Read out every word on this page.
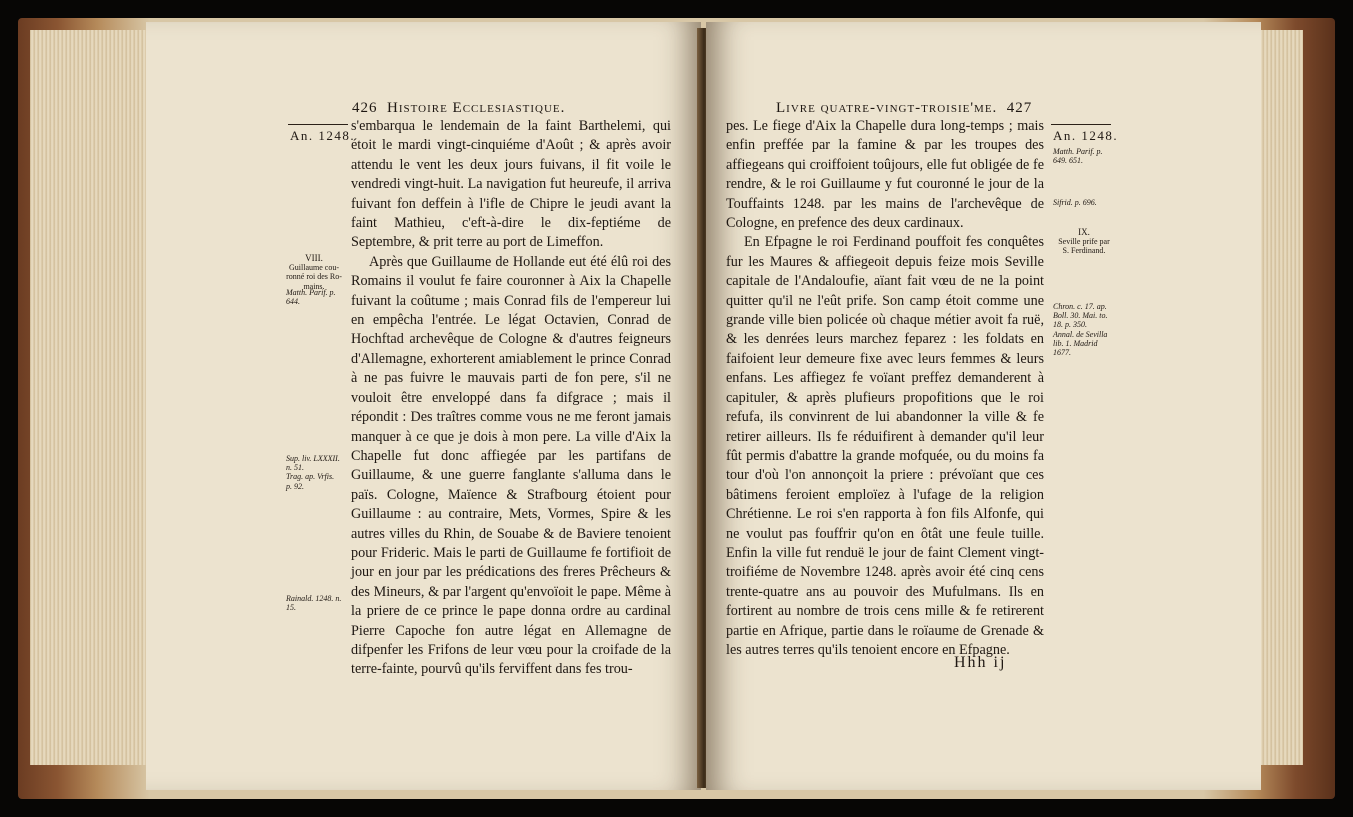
426 Histoire Ecclesiastique.
An. 1248.
VIII.
Guillaume cou-
ronné roi des Ro-
mains.
Matth. Parif. p.
644.
Sup. liv. LXXXII.
n. 51.
Trag. ap. Vrfis.
p. 92.
Rainald. 1248. n.
15.

s'embarqua le lendemain de la faint Barthelemi, qui étoit le mardi vingt-cinquiéme d'Août ; & après avoir attendu le vent les deux jours fuivans, il fit voile le vendredi vingt-huit. La navigation fut heureufe, il arriva fuivant fon deffein à l'ifle de Chipre le jeudi avant la faint Mathieu, c'eft-à-dire le dix-feptiéme de Septembre, & prit terre au port de Limeffon.

Après que Guillaume de Hollande eut été élû roi des Romains il voulut fe faire couronner à Aix la Chapelle fuivant la coûtume ; mais Conrad fils de l'empereur lui en empêcha l'entrée. Le légat Octavien, Conrad de Hochftad archevêque de Cologne & d'autres feigneurs d'Allemagne, exhorterent amiablement le prince Conrad à ne pas fuivre le mauvais parti de fon pere, s'il ne vouloit être enveloppé dans fa difgrace ; mais il répondit : Des traîtres comme vous ne me feront jamais manquer à ce que je dois à mon pere. La ville d'Aix la Chapelle fut donc affiegée par les partifans de Guillaume, & une guerre fanglante s'alluma dans le païs. Cologne, Maïence & Strafbourg étoient pour Guillaume : au contraire, Mets, Vormes, Spire & les autres villes du Rhin, de Souabe & de Baviere tenoient pour Frideric. Mais le parti de Guillaume fe fortifioit de jour en jour par les prédications des freres Prêcheurs & des Mineurs, & par l'argent qu'envoïoit le pape. Même à la priere de ce prince le pape donna ordre au cardinal Pierre Capoche fon autre légat en Allemagne de difpenfer les Frifons de leur vœu pour la croifade de la terre-fainte, pourvû qu'ils ferviffent dans fes trou-

Livre quatre-vingt-troisie'me. 427
An. 1248.
Matth. Parif. p.
649. 651.
Sifrid. p. 696.
IX.
Seville prife par
S. Ferdinand.
Chron. c. 17. ap.
Boll. 30. Mai. to.
18. p. 350.
Annal. de Sevilla
lib. 1. Madrid
1677.

pes. Le fiege d'Aix la Chapelle dura long-temps ; mais enfin preffée par la famine & par les troupes des affiegeans qui croiffoient toûjours, elle fut obligée de fe rendre, & le roi Guillaume y fut couronné le jour de la Touffaints 1248. par les mains de l'archevêque de Cologne, en prefence des deux cardinaux.

En Efpagne le roi Ferdinand pouffoit fes conquêtes fur les Maures & affiegeoit depuis feize mois Seville capitale de l'Andaloufie, aïant fait vœu de ne la point quitter qu'il ne l'eût prife. Son camp étoit comme une grande ville bien policée où chaque métier avoit fa ruë, & les denrées leurs marchez feparez : les foldats en faifoient leur demeure fixe avec leurs femmes & leurs enfans. Les affiegez fe voïant preffez demanderent à capituler, & après plufieurs propofitions que le roi refufa, ils convinrent de lui abandonner la ville & fe retirer ailleurs. Ils fe réduifirent à demander qu'il leur fût permis d'abattre la grande mofquée, ou du moins fa tour d'où l'on annonçoit la priere : prévoïant que ces bâtimens feroient emploïez à l'ufage de la religion Chrétienne. Le roi s'en rapporta à fon fils Alfonfe, qui ne voulut pas fouffrir qu'on en ôtât une feule tuille. Enfin la ville fut renduë le jour de faint Clement vingt-troifiéme de Novembre 1248. après avoir été cinq cens trente-quatre ans au pouvoir des Mufulmans. Ils en fortirent au nombre de trois cens mille & fe retirerent partie en Afrique, partie dans le roïaume de Grenade & les autres terres qu'ils tenoient encore en Efpagne.

Hhh ij
